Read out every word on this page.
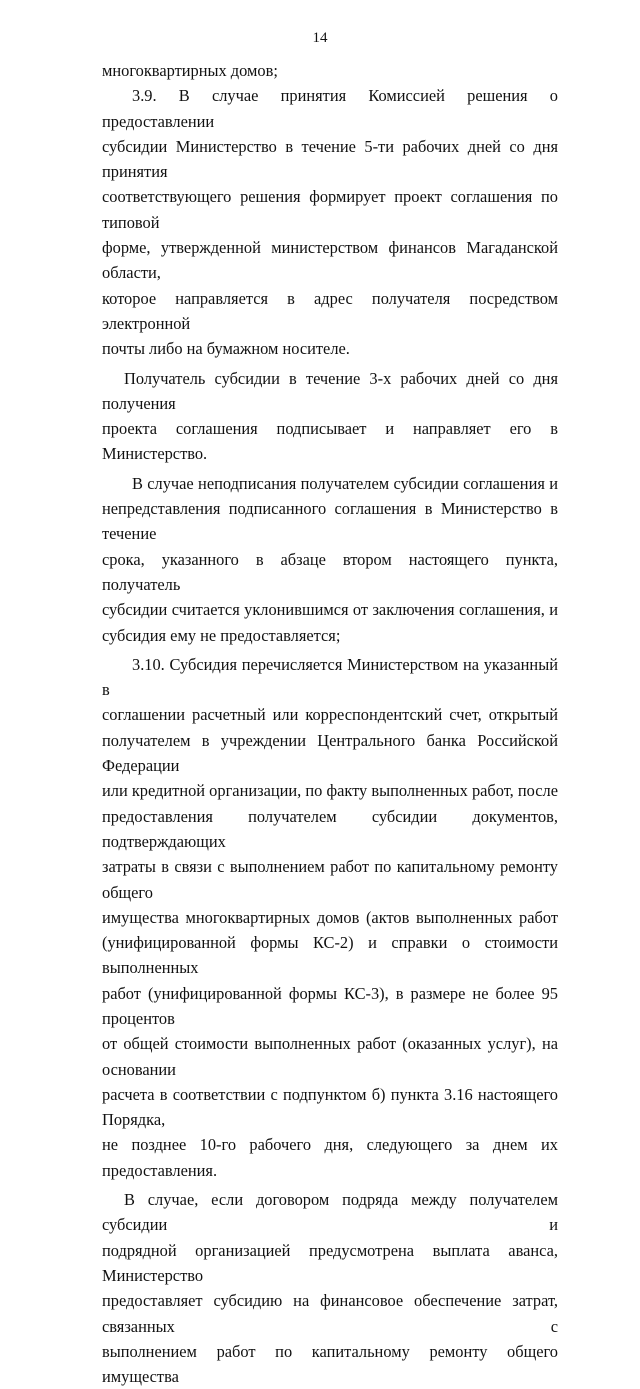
14

многоквартирных домов;

3.9. В случае принятия Комиссией решения о предоставлении

субсидии Министерство в течение 5-ти рабочих дней со дня принятия

соответствующего решения формирует проект соглашения по типовой

форме, утвержденной министерством финансов Магаданской области,

которое направляется в адрес получателя посредством электронной

почты либо на бумажном носителе.

Получатель субсидии в течение 3-х рабочих дней со дня получения

проекта соглашения подписывает и направляет его в Министерство.

В случае неподписания получателем субсидии соглашения и

непредставления подписанного соглашения в Министерство в течение

срока, указанного в абзаце втором настоящего пункта, получатель

субсидии считается уклонившимся от заключения соглашения, и

субсидия ему не предоставляется;

3.10. Субсидия перечисляется Министерством на указанный в

соглашении расчетный или корреспондентский счет, открытый

получателем в учреждении Центрального банка Российской Федерации

или кредитной организации, по факту выполненных работ, после

предоставления получателем субсидии документов, подтверждающих

затраты в связи с выполнением работ по капитальному ремонту общего

имущества многоквартирных домов (актов выполненных работ

(унифицированной формы КС-2) и справки о стоимости выполненных

работ (унифицированной формы КС-3), в размере не более 95 процентов

от общей стоимости выполненных работ (оказанных услуг), на основании

расчета в соответствии с подпунктом б) пункта 3.16 настоящего Порядка,

не позднее 10-го рабочего дня, следующего за днем их предоставления.

В случае, если договором подряда между получателем субсидии и

подрядной организацией предусмотрена выплата аванса, Министерство

предоставляет субсидию на финансовое обеспечение затрат, связанных с

выполнением работ по капитальному ремонту общего имущества
